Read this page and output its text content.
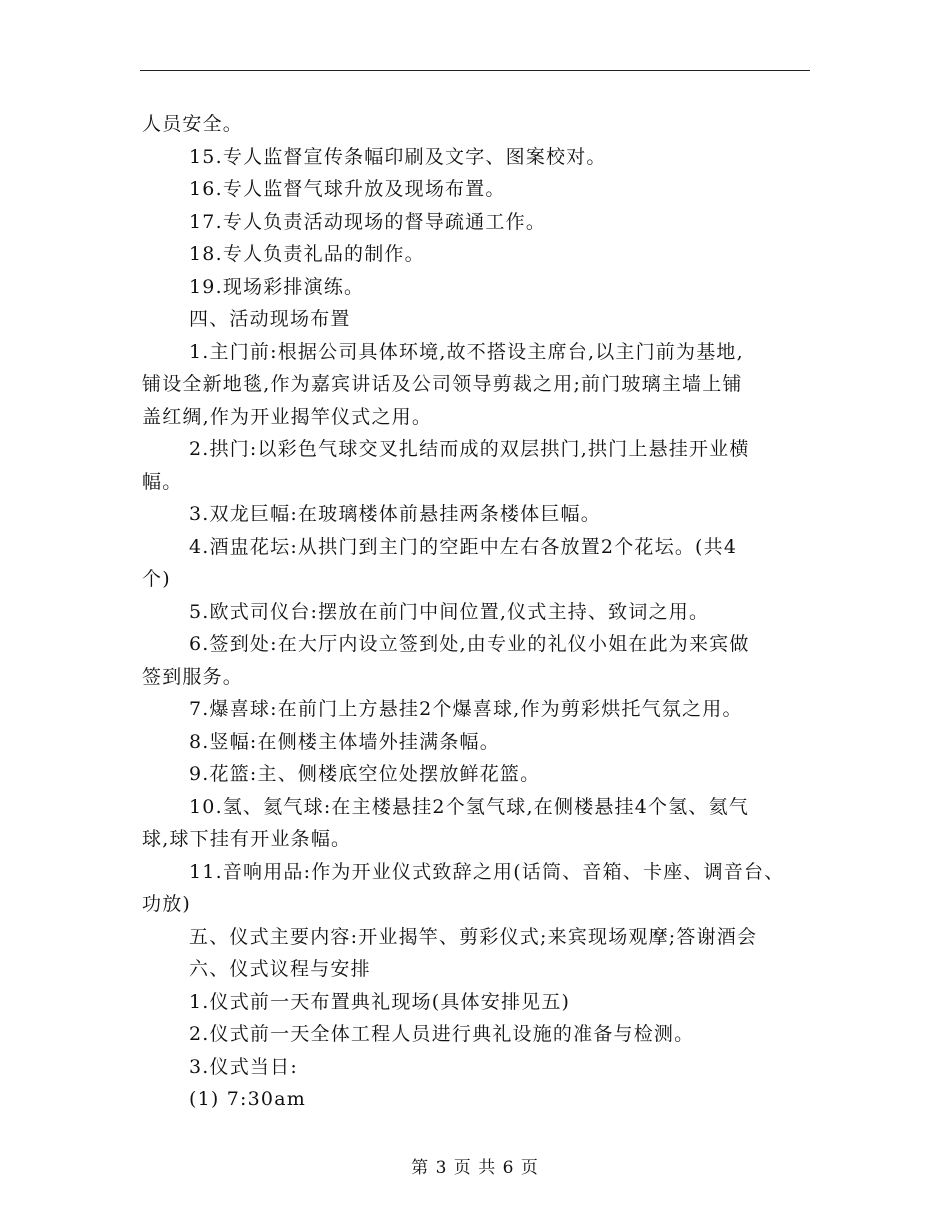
人员安全。
15.专人监督宣传条幅印刷及文字、图案校对。
16.专人监督气球升放及现场布置。
17.专人负责活动现场的督导疏通工作。
18.专人负责礼品的制作。
19.现场彩排演练。
四、活动现场布置
1.主门前:根据公司具体环境,故不搭设主席台,以主门前为基地,
铺设全新地毯,作为嘉宾讲话及公司领导剪裁之用;前门玻璃主墙上铺
盖红绸,作为开业揭竿仪式之用。
2.拱门:以彩色气球交叉扎结而成的双层拱门,拱门上悬挂开业横
幅。
3.双龙巨幅:在玻璃楼体前悬挂两条楼体巨幅。
4.酒盅花坛:从拱门到主门的空距中左右各放置2个花坛。(共4
个)
5.欧式司仪台:摆放在前门中间位置,仪式主持、致词之用。
6.签到处:在大厅内设立签到处,由专业的礼仪小姐在此为来宾做
签到服务。
7.爆喜球:在前门上方悬挂2个爆喜球,作为剪彩烘托气氛之用。
8.竖幅:在侧楼主体墙外挂满条幅。
9.花篮:主、侧楼底空位处摆放鲜花篮。
10.氢、氦气球:在主楼悬挂2个氢气球,在侧楼悬挂4个氢、氦气
球,球下挂有开业条幅。
11.音响用品:作为开业仪式致辞之用(话筒、音箱、卡座、调音台、
功放)
五、仪式主要内容:开业揭竿、剪彩仪式;来宾现场观摩;答谢酒会
六、仪式议程与安排
1.仪式前一天布置典礼现场(具体安排见五)
2.仪式前一天全体工程人员进行典礼设施的准备与检测。
3.仪式当日:
(1) 7:30am
第 3 页 共 6 页
